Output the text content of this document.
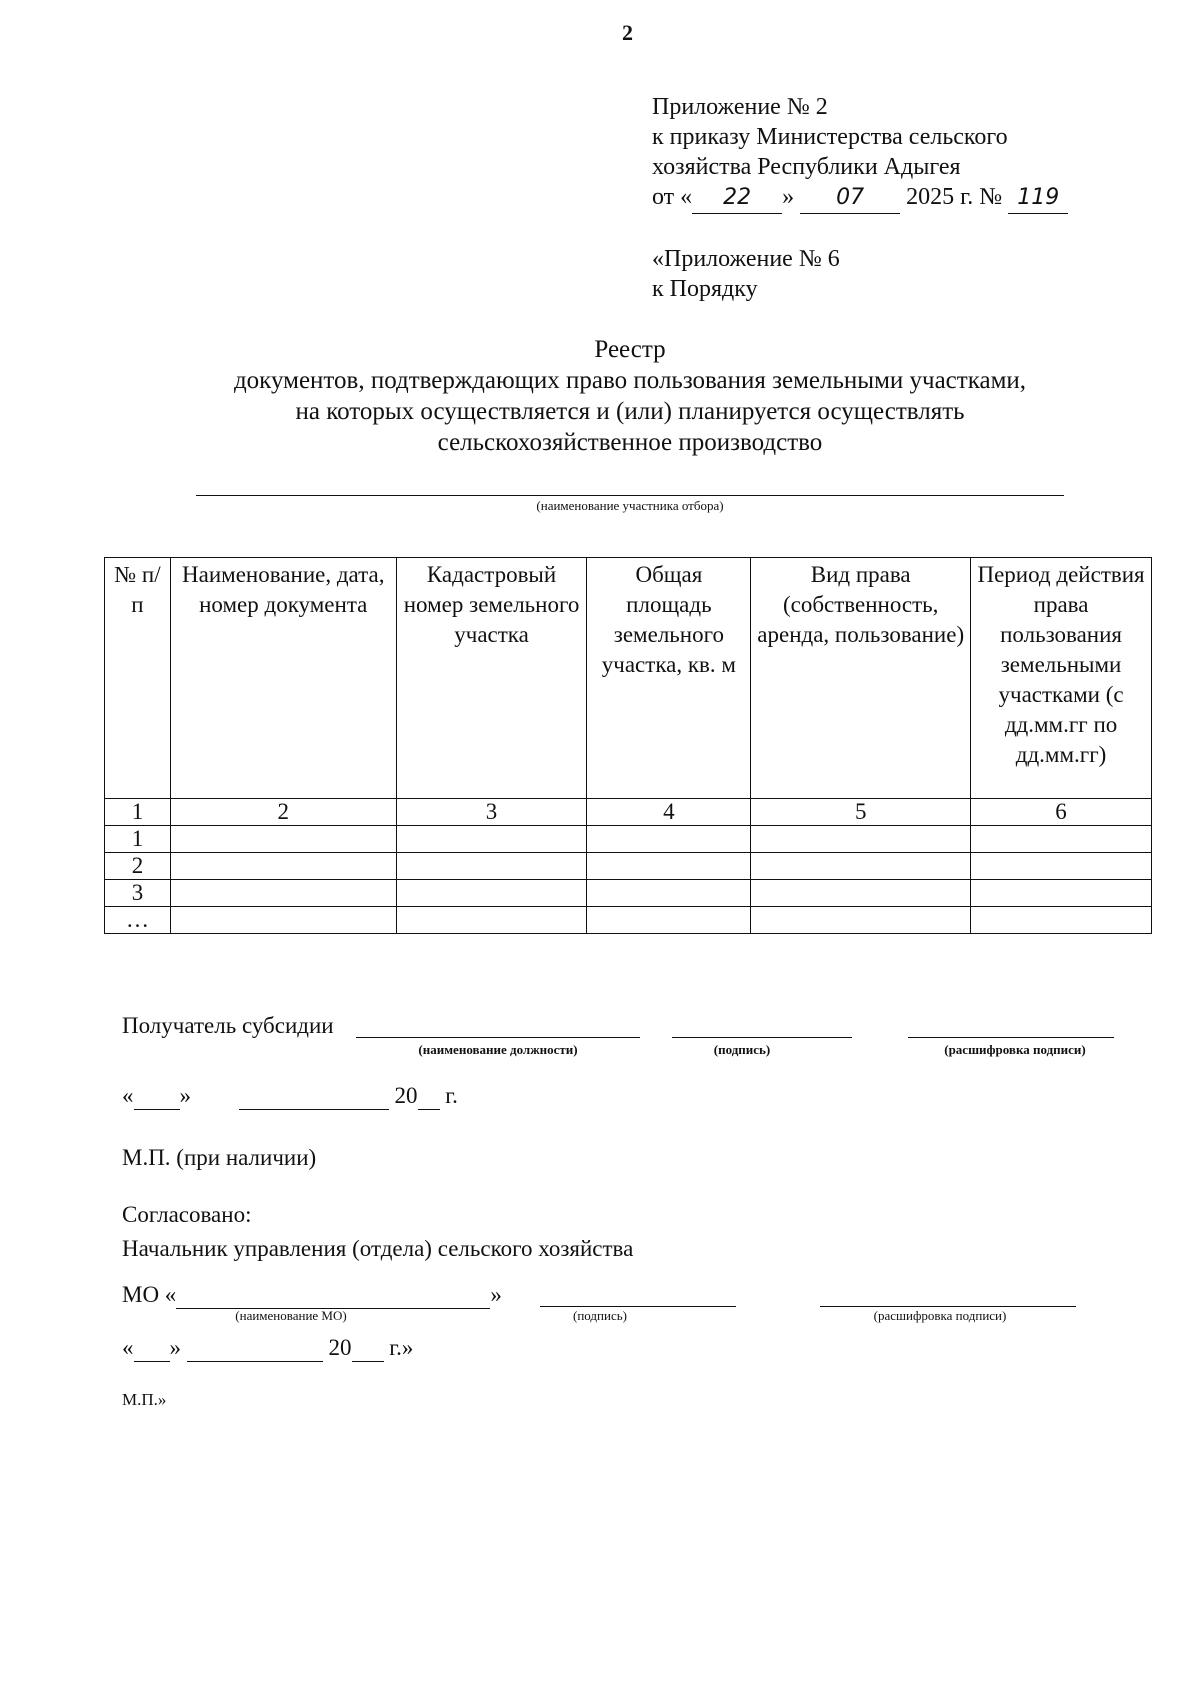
2
Приложение № 2
к приказу Министерства сельского
хозяйства Республики Адыгея
от « 22 » 07 2025 г. № 119
«Приложение № 6
к Порядку
Реестр
документов, подтверждающих право пользования земельными участками,
на которых осуществляется и (или) планируется осуществлять
сельскохозяйственное производство
(наименование участника отбора)
№ п/п	Наименование, дата, номер документа	Кадастровый номер земельного участка	Общая площадь земельного участка, кв. м	Вид права (собственность, аренда, пользование)	Период действия права пользования земельными участками (с дд.мм.гг по дд.мм.гг)
1	2	3	4	5	6
1					
2					
3					
…					
Получатель субсидии
(наименование должности)	(подпись)	(расшифровка подписи)
« »	20 г.
М.П. (при наличии)
Согласовано:
Начальник управления (отдела) сельского хозяйства
МО «	»
(наименование МО)	(подпись)	(расшифровка подписи)
« »	20 г.»
М.П.»
